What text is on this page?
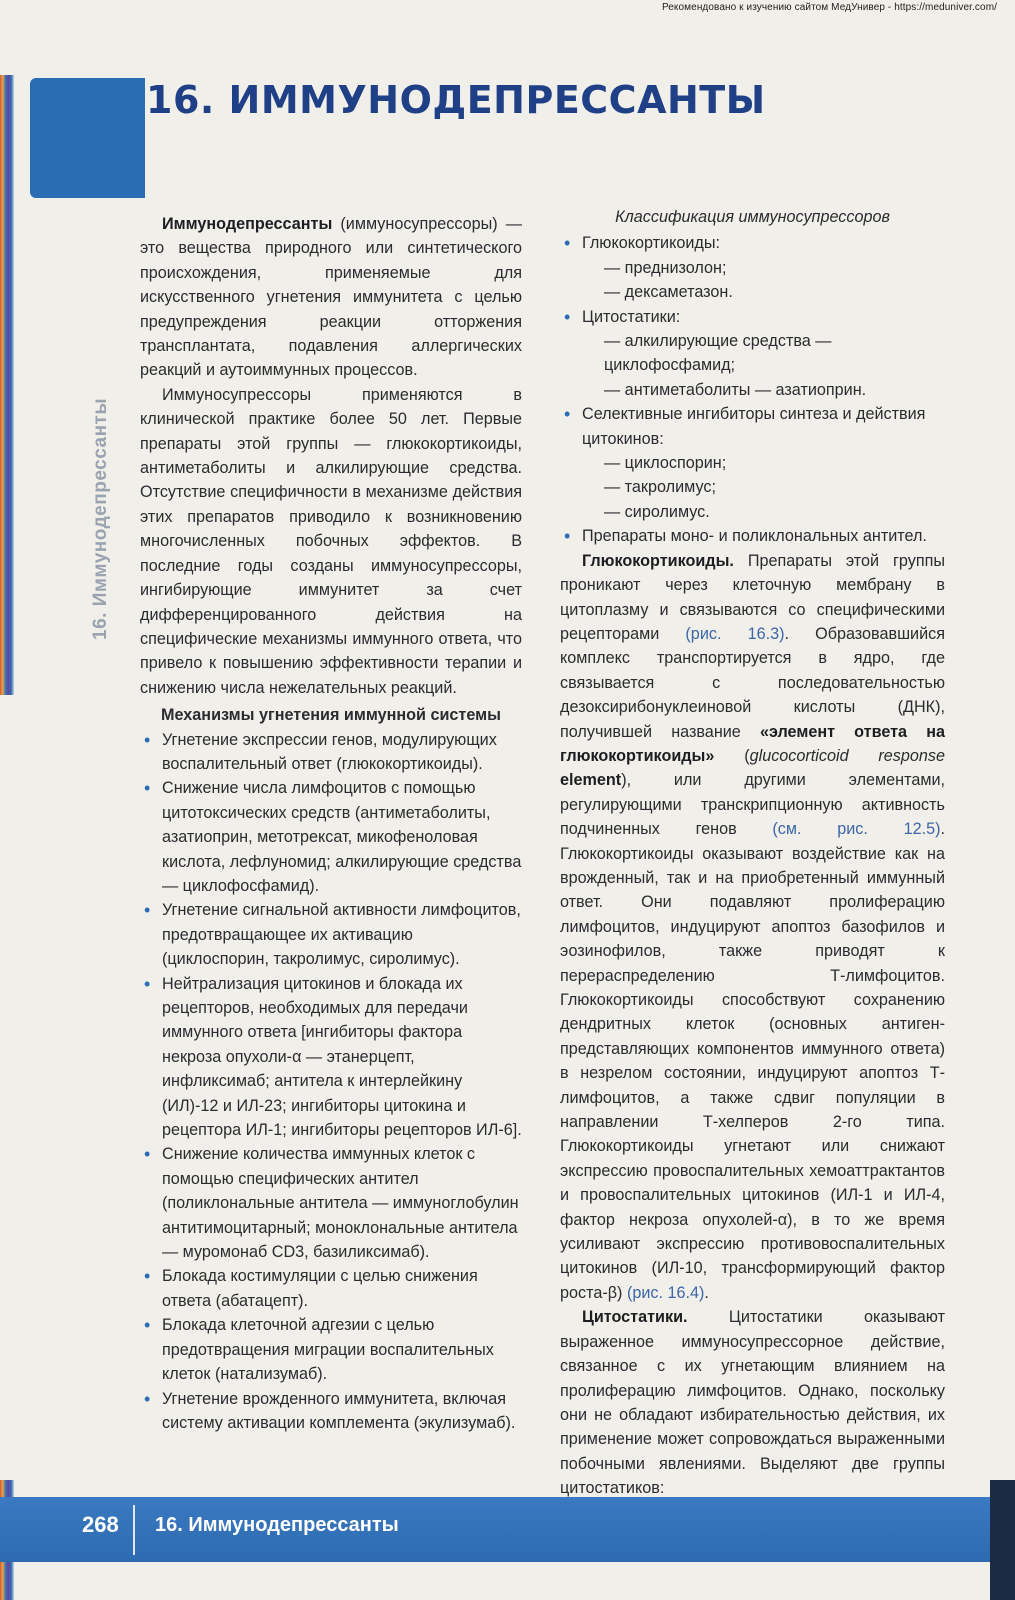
Рекомендовано к изучению сайтом МедУнивер - https://meduniver.com/
16. ИММУНОДЕПРЕССАНТЫ
16. Иммунодепрессанты

Иммунодепрессанты (иммуносупрессоры) — это вещества природного или синтетического происхождения, применяемые для искусственного угнетения иммунитета с целью предупреждения реакции отторжения трансплантата, подавления аллергических реакций и аутоиммунных процессов.

Иммуносупрессоры применяются в клинической практике более 50 лет. Первые препараты этой группы — глюкокортикоиды, антиметаболиты и алкилирующие средства. Отсутствие специфичности в механизме действия этих препаратов приводило к возникновению многочисленных побочных эффектов. В последние годы созданы иммуносупрессоры, ингибирующие иммунитет за счет дифференцированного действия на специфические механизмы иммунного ответа, что привело к повышению эффективности терапии и снижению числа нежелательных реакций.

Механизмы угнетения иммунной системы
• Угнетение экспрессии генов, модулирующих воспалительный ответ (глюкокортикоиды).
• Снижение числа лимфоцитов с помощью цитотоксических средств (антиметаболиты, азатиоприн, метотрексат, микофеноловая кислота, лефлуномид; алкилирующие средства — циклофосфамид).
• Угнетение сигнальной активности лимфоцитов, предотвращающее их активацию (циклоспорин, такролимус, сиролимус).
• Нейтрализация цитокинов и блокада их рецепторов, необходимых для передачи иммунного ответа [ингибиторы фактора некроза опухоли-α — этанерцепт, инфликсимаб; антитела к интерлейкину (ИЛ)-12 и ИЛ-23; ингибиторы цитокина и рецептора ИЛ-1; ингибиторы рецепторов ИЛ-6].
• Снижение количества иммунных клеток с помощью специфических антител (поликлональные антитела — иммуноглобулин антитимоцитарный; моноклональные антитела — муромонаб CD3, базиликсимаб).
• Блокада костимуляции с целью снижения ответа (абатацепт).
• Блокада клеточной адгезии с целью предотвращения миграции воспалительных клеток (натализумаб).
• Угнетение врожденного иммунитета, включая систему активации комплемента (экулизумаб).
Классификация иммуносупрессоров
• Глюкокортикоиды:
— преднизолон;
— дексаметазон.
• Цитостатики:
— алкилирующие средства — циклофосфамид;
— антиметаболиты — азатиоприн.
• Селективные ингибиторы синтеза и действия цитокинов:
— циклоспорин;
— такролимус;
— сиролимус.
• Препараты моно- и поликлональных антител.

Глюкокортикоиды. Препараты этой группы проникают через клеточную мембрану в цитоплазму и связываются со специфическими рецепторами (рис. 16.3). Образовавшийся комплекс транспортируется в ядро, где связывается с последовательностью дезоксирибонуклеиновой кислоты (ДНК), получившей название «элемент ответа на глюкокортикоиды» (glucocorticoid response element), или другими элементами, регулирующими транскрипционную активность подчиненных генов (см. рис. 12.5). Глюкокортикоиды оказывают воздействие как на врожденный, так и на приобретенный иммунный ответ. Они подавляют пролиферацию лимфоцитов, индуцируют апоптоз базофилов и эозинофилов, также приводят к перераспределению Т-лимфоцитов. Глюкокортикоиды способствуют сохранению дендритных клеток (основных антиген-представляющих компонентов иммунного ответа) в незрелом состоянии, индуцируют апоптоз Т-лимфоцитов, а также сдвиг популяции в направлении Т-хелперов 2-го типа. Глюкокортикоиды угнетают или снижают экспрессию провоспалительных хемоаттрактантов и провоспалительных цитокинов (ИЛ-1 и ИЛ-4, фактор некроза опухолей-α), в то же время усиливают экспрессию противовоспалительных цитокинов (ИЛ-10, трансформирующий фактор роста-β) (рис. 16.4).

Цитостатики. Цитостатики оказывают выраженное иммуносупрессорное действие, связанное с их угнетающим влиянием на пролиферацию лимфоцитов. Однако, поскольку они не обладают избирательностью действия, их применение может сопровождаться выраженными побочными явлениями. Выделяют две группы цитостатиков:

268 16. Иммунодепрессанты
